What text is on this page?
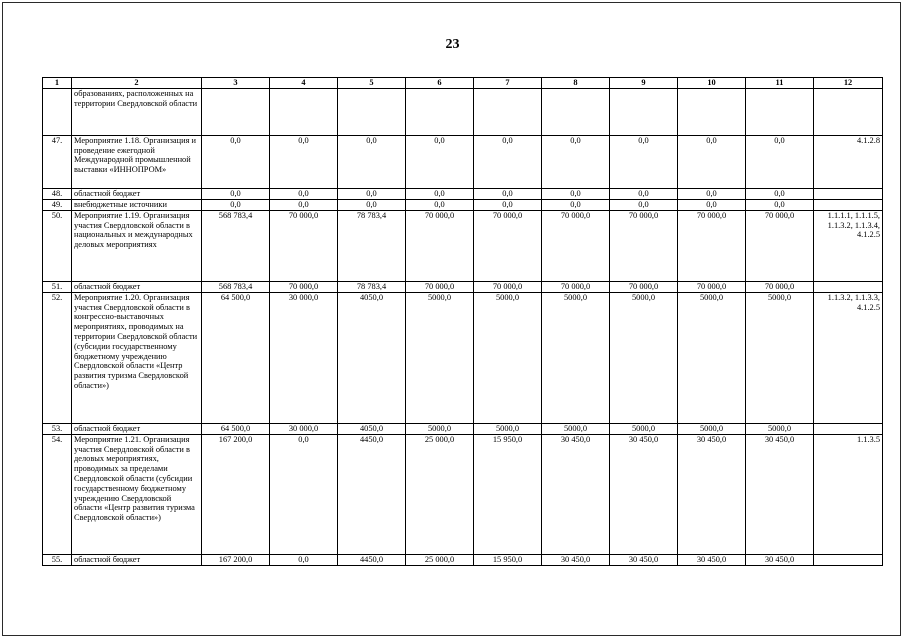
23
1	2	3	4	5	6	7	8	9	10	11	12
	образованиях, расположенных на территории Свердловской области										
47.	Мероприятие 1.18. Организация и проведение ежегодной Международной промышленной выставки «ИННОПРОМ»	0,0	0,0	0,0	0,0	0,0	0,0	0,0	0,0	0,0	4.1.2.8
48.	областной бюджет	0,0	0,0	0,0	0,0	0,0	0,0	0,0	0,0	0,0	
49.	внебюджетные источники	0,0	0,0	0,0	0,0	0,0	0,0	0,0	0,0	0,0	
50.	Мероприятие 1.19. Организация участия Свердловской области в национальных и международных деловых мероприятиях	568 783,4	70 000,0	78 783,4	70 000,0	70 000,0	70 000,0	70 000,0	70 000,0	70 000,0	1.1.1.1, 1.1.1.5, 1.1.3.2, 1.1.3.4, 4.1.2.5
51.	областной бюджет	568 783,4	70 000,0	78 783,4	70 000,0	70 000,0	70 000,0	70 000,0	70 000,0	70 000,0	
52.	Мероприятие 1.20. Организация участия Свердловской области в конгрессно-выставочных мероприятиях, проводимых на территории Свердловской области (субсидии государственному бюджетному учреждению Свердловской области «Центр развития туризма Свердловской области»)	64 500,0	30 000,0	4050,0	5000,0	5000,0	5000,0	5000,0	5000,0	5000,0	1.1.3.2, 1.1.3.3, 4.1.2.5
53.	областной бюджет	64 500,0	30 000,0	4050,0	5000,0	5000,0	5000,0	5000,0	5000,0	5000,0	
54.	Мероприятие 1.21. Организация участия Свердловской области в деловых мероприятиях, проводимых за пределами Свердловской области (субсидии государственному бюджетному учреждению Свердловской области «Центр развития туризма Свердловской области»)	167 200,0	0,0	4450,0	25 000,0	15 950,0	30 450,0	30 450,0	30 450,0	30 450,0	1.1.3.5
55.	областной бюджет	167 200,0	0,0	4450,0	25 000,0	15 950,0	30 450,0	30 450,0	30 450,0	30 450,0	
